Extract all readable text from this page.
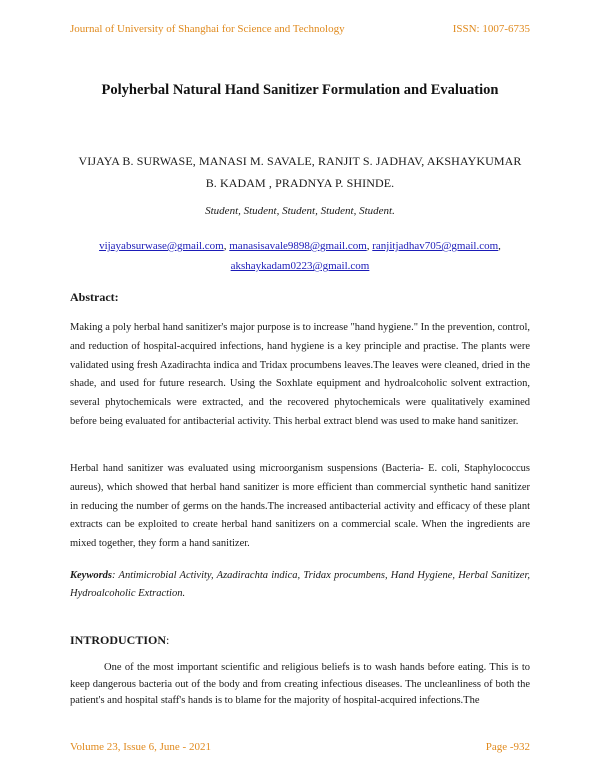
Journal of University of Shanghai for Science and Technology	ISSN: 1007-6735
Polyherbal Natural Hand Sanitizer Formulation and Evaluation
VIJAYA B. SURWASE, MANASI M. SAVALE, RANJIT S. JADHAV, AKSHAYKUMAR
B. KADAM , PRADNYA P. SHINDE.
Student, Student, Student, Student, Student.
vijayabsurwase@gmail.com, manasisavale9898@gmail.com, ranjitjadhav705@gmail.com,
akshaykadam0223@gmail.com
Abstract:
Making a poly herbal hand sanitizer's major purpose is to increase "hand hygiene." In the prevention, control, and reduction of hospital-acquired infections, hand hygiene is a key principle and practise. The plants were validated using fresh Azadirachta indica and Tridax procumbens leaves.The leaves were cleaned, dried in the shade, and used for future research. Using the Soxhlate equipment and hydroalcoholic solvent extraction, several phytochemicals were extracted, and the recovered phytochemicals were qualitatively examined before being evaluated for antibacterial activity. This herbal extract blend was used to make hand sanitizer.
Herbal hand sanitizer was evaluated using microorganism suspensions (Bacteria- E. coli, Staphylococcus aureus), which showed that herbal hand sanitizer is more efficient than commercial synthetic hand sanitizer in reducing the number of germs on the hands.The increased antibacterial activity and efficacy of these plant extracts can be exploited to create herbal hand sanitizers on a commercial scale. When the ingredients are mixed together, they form a hand sanitizer.
Keywords: Antimicrobial Activity, Azadirachta indica, Tridax procumbens, Hand Hygiene, Herbal Sanitizer, Hydroalcoholic Extraction.
INTRODUCTION:
One of the most important scientific and religious beliefs is to wash hands before eating. This is to keep dangerous bacteria out of the body and from creating infectious diseases. The uncleanliness of both the patient's and hospital staff's hands is to blame for the majority of hospital-acquired infections.The
Volume 23, Issue 6, June - 2021	Page -932
